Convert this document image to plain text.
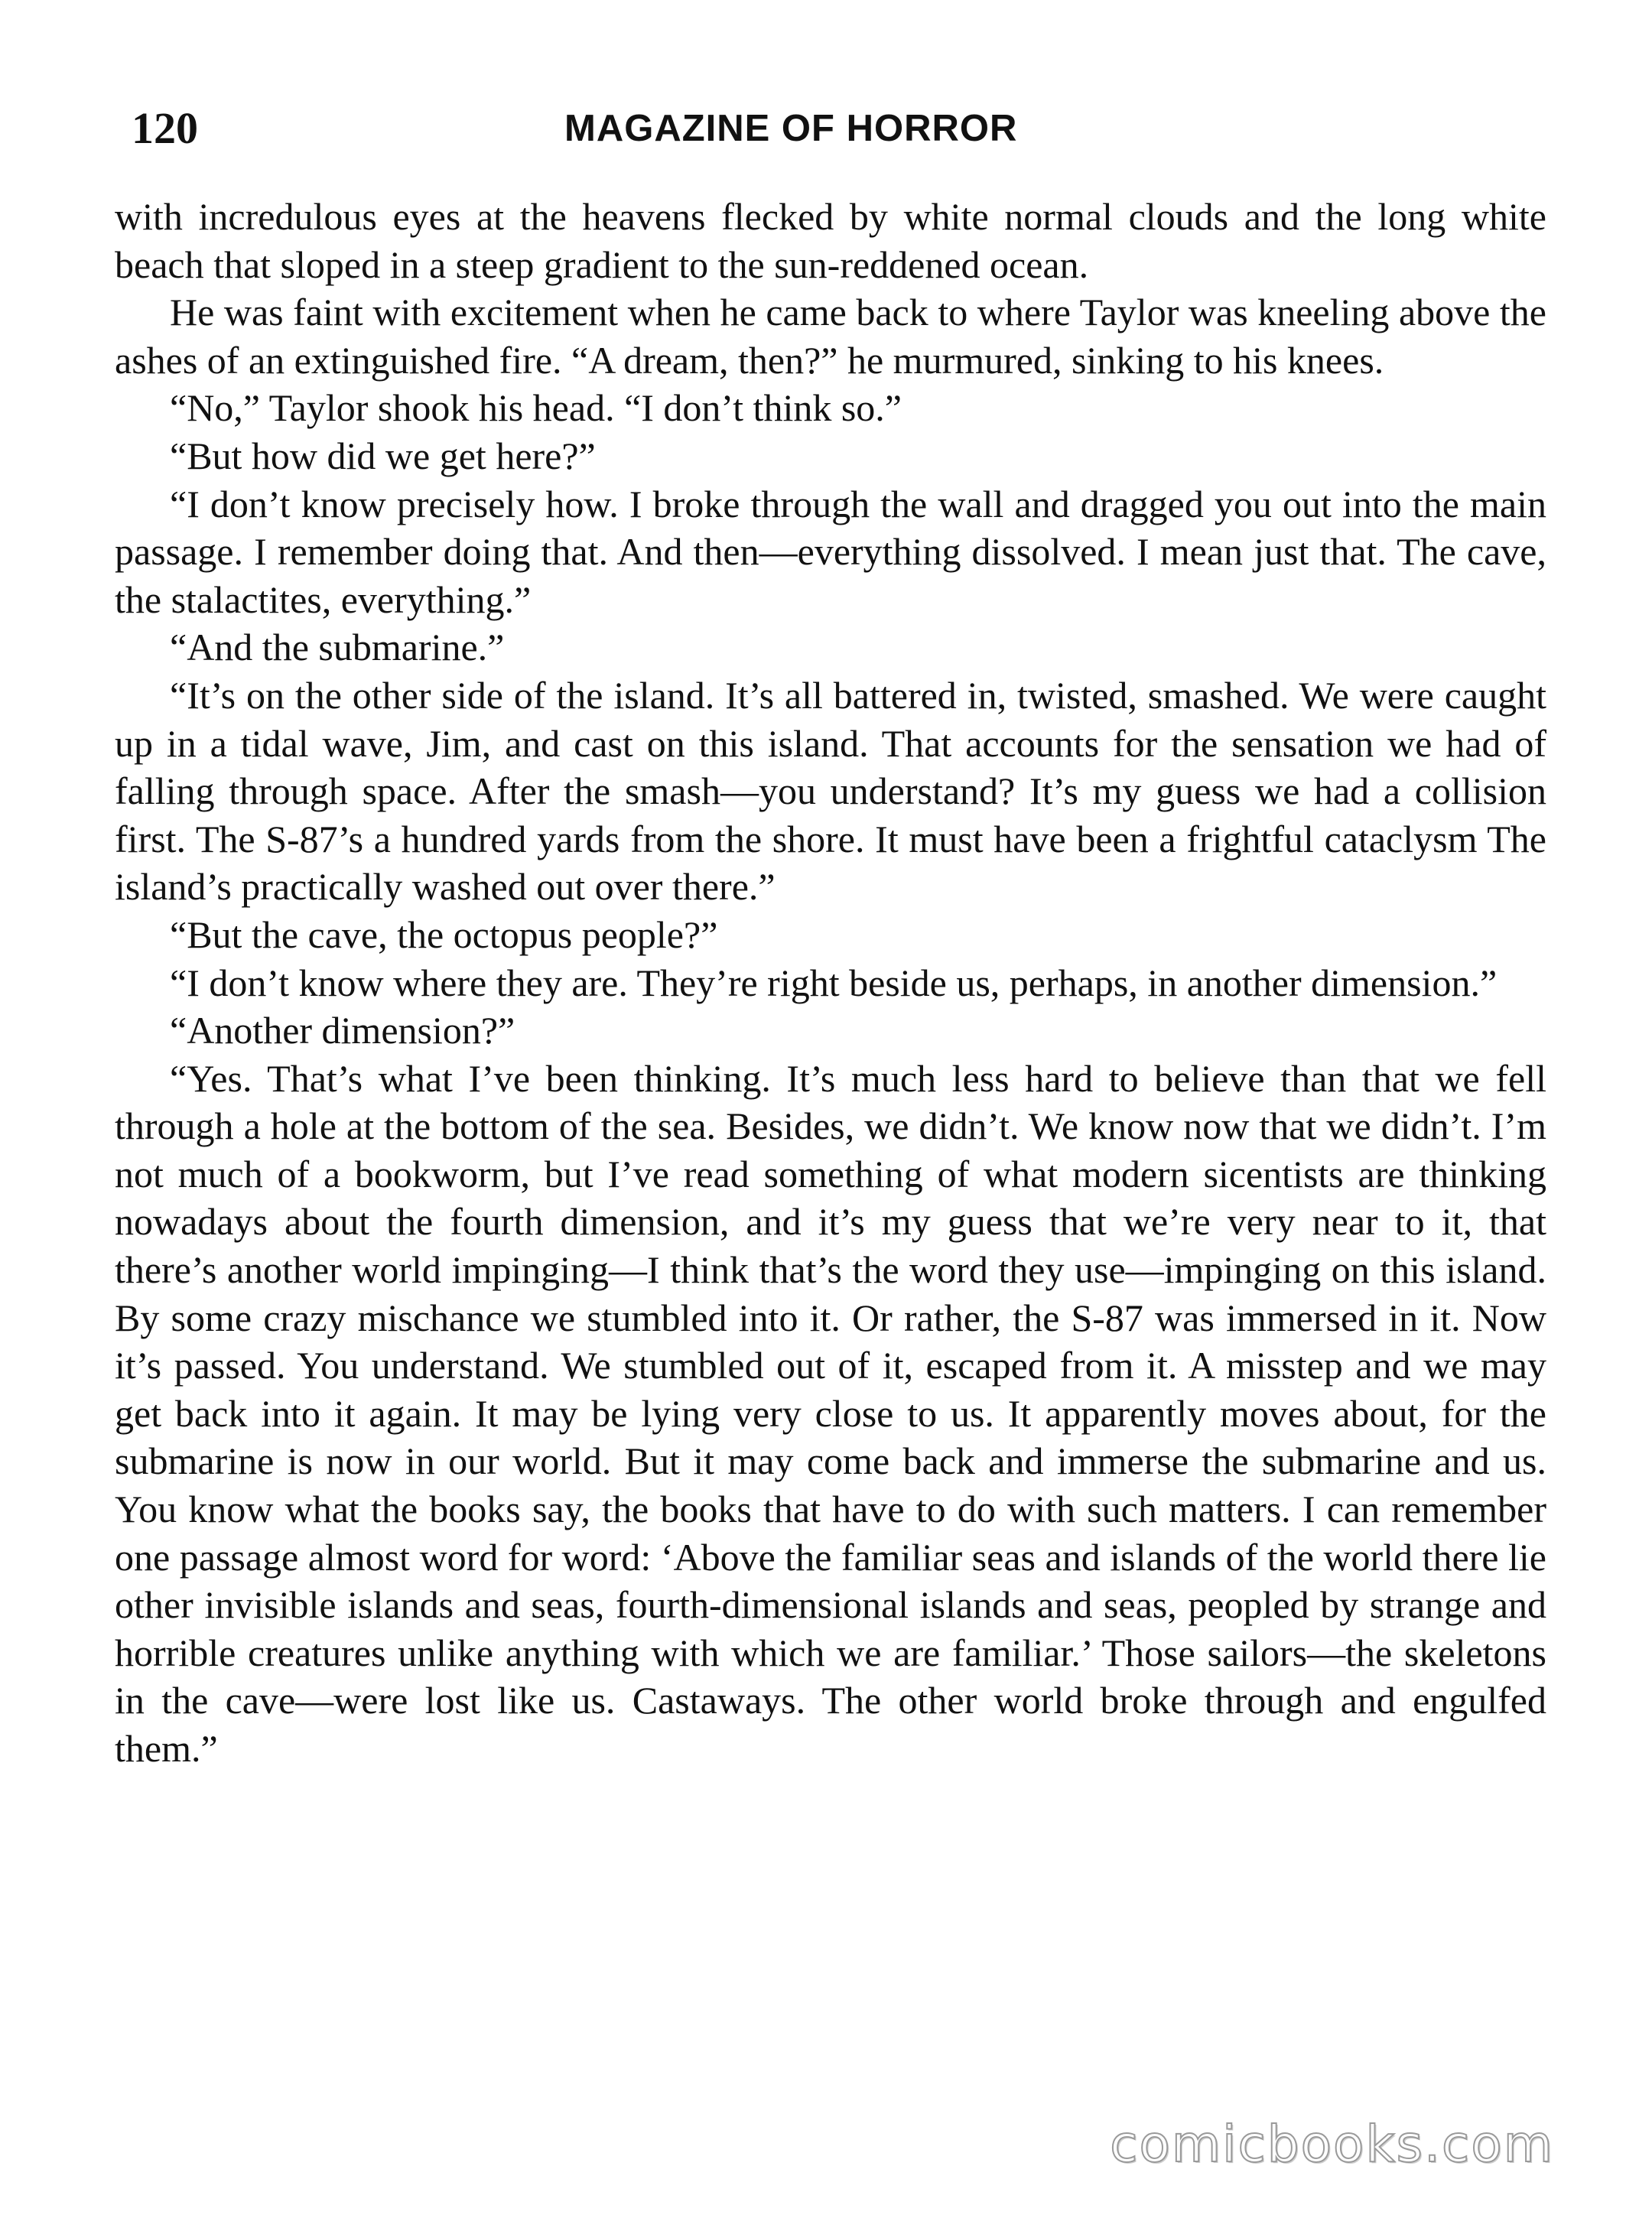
120	MAGAZINE OF HORROR

with incredulous eyes at the heavens flecked by white normal clouds and the long white beach that sloped in a steep gradient to the sun-reddened ocean.

He was faint with excitement when he came back to where Taylor was kneeling above the ashes of an extinguished fire. “A dream, then?” he murmured, sinking to his knees.

“No,” Taylor shook his head. “I don’t think so.”

“But how did we get here?”

“I don’t know precisely how. I broke through the wall and dragged you out into the main passage. I remember doing that. And then—everything dissolved. I mean just that. The cave, the stalactites, everything.”

“And the submarine.”

“It’s on the other side of the island. It’s all battered in, twisted, smashed. We were caught up in a tidal wave, Jim, and cast on this island. That accounts for the sensation we had of falling through space. After the smash—you understand? It’s my guess we had a collision first. The S-87’s a hundred yards from the shore. It must have been a frightful cataclysm The island’s practically washed out over there.”

“But the cave, the octopus people?”

“I don’t know where they are. They’re right beside us, perhaps, in another dimension.”

“Another dimension?”

“Yes. That’s what I’ve been thinking. It’s much less hard to believe than that we fell through a hole at the bottom of the sea. Besides, we didn’t. We know now that we didn’t. I’m not much of a bookworm, but I’ve read something of what modern sicentists are thinking nowadays about the fourth dimension, and it’s my guess that we’re very near to it, that there’s another world impinging—I think that’s the word they use—impinging on this island. By some crazy mischance we stumbled into it. Or rather, the S-87 was immersed in it. Now it’s passed. You understand. We stumbled out of it, escaped from it. A misstep and we may get back into it again. It may be lying very close to us. It apparently moves about, for the submarine is now in our world. But it may come back and immerse the submarine and us. You know what the books say, the books that have to do with such matters. I can remember one passage almost word for word: ‘Above the familiar seas and islands of the world there lie other invisible islands and seas, fourth-dimensional islands and seas, peopled by strange and horrible creatures unlike anything with which we are familiar.’ Those sailors—the skeletons in the cave—were lost like us. Castaways. The other world broke through and engulfed them.”

comicbooks.com
